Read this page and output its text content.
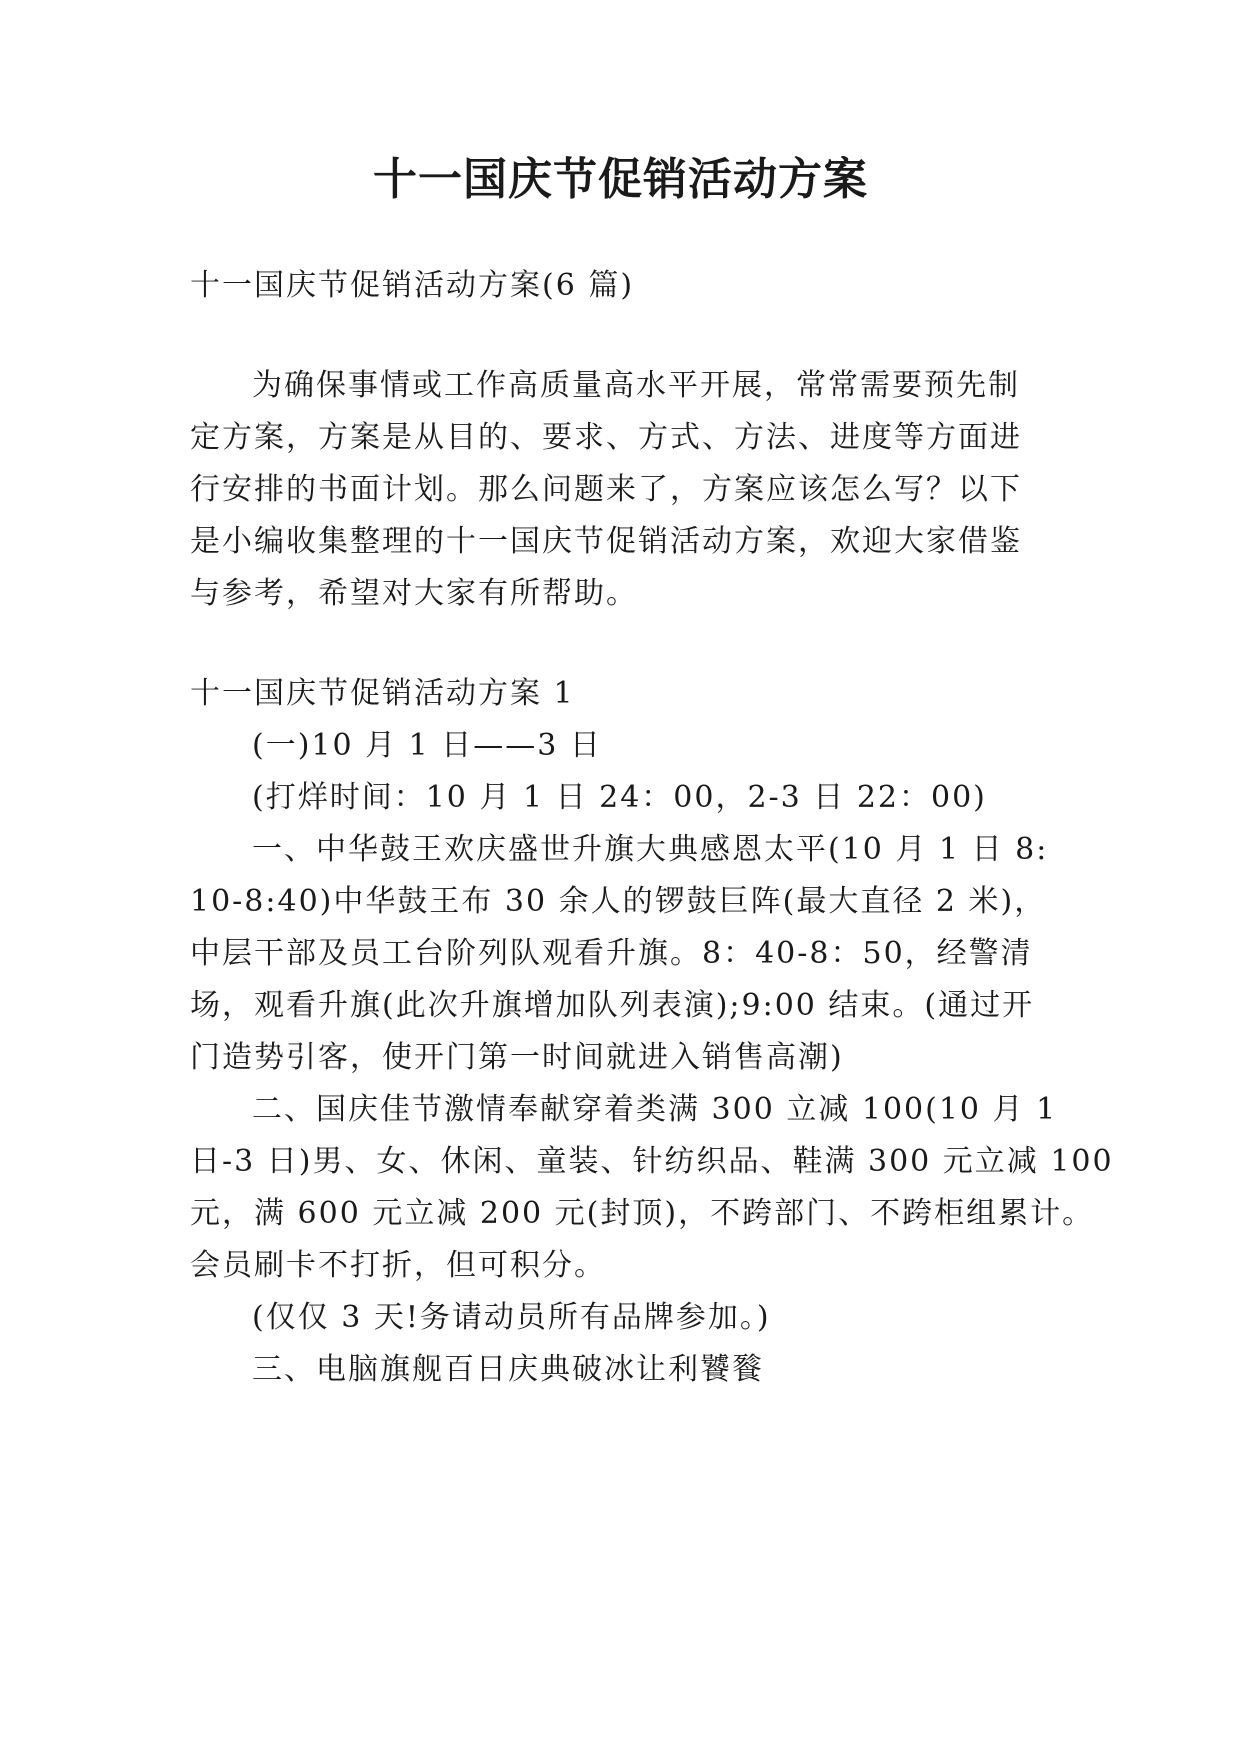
十一国庆节促销活动方案
十一国庆节促销活动方案(6 篇)
为确保事情或工作高质量高水平开展，常常需要预先制
定方案，方案是从目的、要求、方式、方法、进度等方面进
行安排的书面计划。那么问题来了，方案应该怎么写？以下
是小编收集整理的十一国庆节促销活动方案，欢迎大家借鉴
与参考，希望对大家有所帮助。
十一国庆节促销活动方案 1
(一)10 月 1 日——3 日
(打烊时间：10 月 1 日 24：00，2-3 日 22：00)
一、中华鼓王欢庆盛世升旗大典感恩太平(10 月 1 日 8:
10-8:40)中华鼓王布 30 余人的锣鼓巨阵(最大直径 2 米)，
中层干部及员工台阶列队观看升旗。8：40-8：50，经警清
场，观看升旗(此次升旗增加队列表演);9:00 结束。(通过开
门造势引客，使开门第一时间就进入销售高潮)
二、国庆佳节激情奉献穿着类满 300 立减 100(10 月 1
日-3 日)男、女、休闲、童装、针纺织品、鞋满 300 元立减 100
元，满 600 元立减 200 元(封顶)，不跨部门、不跨柜组累计。
会员刷卡不打折，但可积分。
(仅仅 3 天!务请动员所有品牌参加。)
三、电脑旗舰百日庆典破冰让利饕餮
